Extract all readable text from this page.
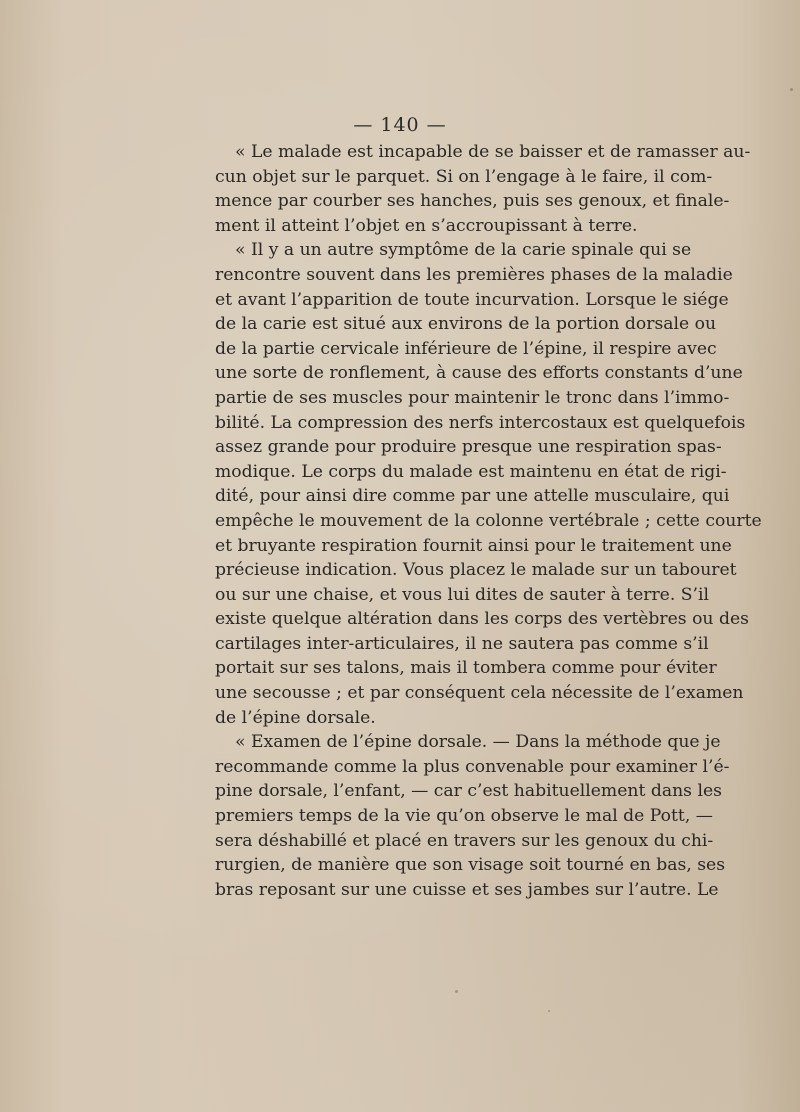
— 140 —
« Le malade est incapable de se baisser et de ramasser au-
cun objet sur le parquet. Si on l’engage à le faire, il com-
mence par courber ses hanches, puis ses genoux, et finale-
ment il atteint l’objet en s’accroupissant à terre.
« Il y a un autre symptôme de la carie spinale qui se
rencontre souvent dans les premières phases de la maladie
et avant l’apparition de toute incurvation. Lorsque le siége
de la carie est situé aux environs de la portion dorsale ou
de la partie cervicale inférieure de l’épine, il respire avec
une sorte de ronflement, à cause des efforts constants d’une
partie de ses muscles pour maintenir le tronc dans l’immo-
bilité. La compression des nerfs intercostaux est quelquefois
assez grande pour produire presque une respiration spas-
modique. Le corps du malade est maintenu en état de rigi-
dité, pour ainsi dire comme par une attelle musculaire, qui
empêche le mouvement de la colonne vertébrale ; cette courte
et bruyante respiration fournit ainsi pour le traitement une
précieuse indication. Vous placez le malade sur un tabouret
ou sur une chaise, et vous lui dites de sauter à terre. S’il
existe quelque altération dans les corps des vertèbres ou des
cartilages inter-articulaires, il ne sautera pas comme s’il
portait sur ses talons, mais il tombera comme pour éviter
une secousse ; et par conséquent cela nécessite de l’examen
de l’épine dorsale.
« Examen de l’épine dorsale. — Dans la méthode que je
recommande comme la plus convenable pour examiner l’é-
pine dorsale, l’enfant, — car c’est habituellement dans les
premiers temps de la vie qu’on observe le mal de Pott, —
sera déshabillé et placé en travers sur les genoux du chi-
rurgien, de manière que son visage soit tourné en bas, ses
bras reposant sur une cuisse et ses jambes sur l’autre. Le
